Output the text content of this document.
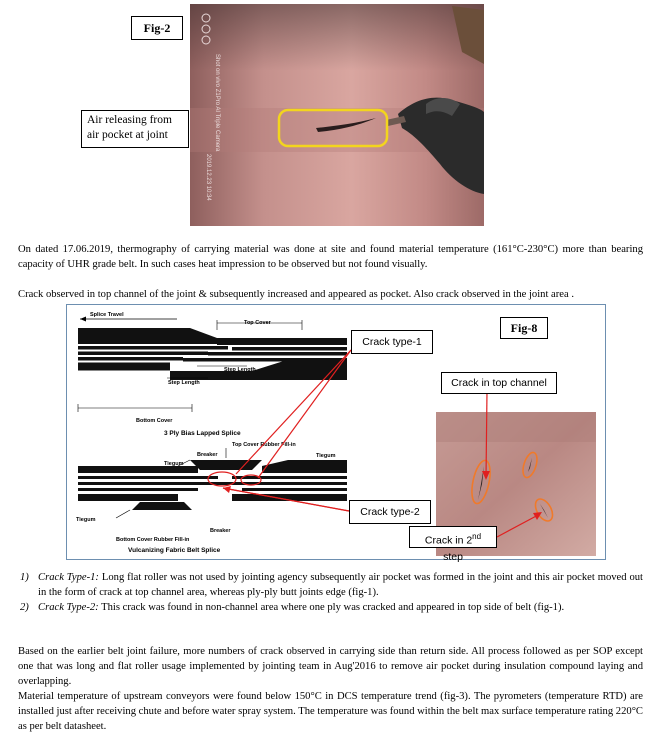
Shot on vivo Z1Pro AI Triple Camera
2019.12.23 10:34
Fig-2
Air releasing from
air pocket at joint

On dated 17.06.2019, thermography of carrying material was done at site and found material temperature (161°C-230°C) more than bearing capacity of UHR grade belt. In such cases heat impression to be observed but not found visually.

Crack observed in top channel of the joint & subsequently increased and appeared as pocket. Also crack observed in the joint area .

Splice Travel
Top Cover
Step Length
Step Length
Bottom Cover
3 Ply Bias Lapped Splice
Top Cover Rubber Fill-in
Breaker
Tiegum
Tiegum
Tiegum
Breaker
Bottom Cover Rubber Fill-in
Vulcanizing Fabric Belt Splice
Fig-8
Crack type-1
Crack in top channel
Crack type-2
Crack in 2nd step
1) Crack Type-1: Long flat roller was not used by jointing agency subsequently air pocket was formed in the joint and this air pocket moved out in the form of crack at top channel area, whereas ply-ply butt joints edge (fig-1).
2) Crack Type-2: This crack was found in non-channel area where one ply was cracked and appeared in top side of belt (fig-1).

Based on the earlier belt joint failure, more numbers of crack observed in carrying side than return side. All process followed as per SOP except one that was long and flat roller usage implemented by jointing team in Aug'2016 to remove air pocket during insulation compound laying and overlapping.

Material temperature of upstream conveyors were found below 150°C in DCS temperature trend (fig-3). The pyrometers (temperature RTD) are installed just after receiving chute and before water spray system. The temperature was found within the belt max surface temperature rating 220°C as per belt datasheet.
